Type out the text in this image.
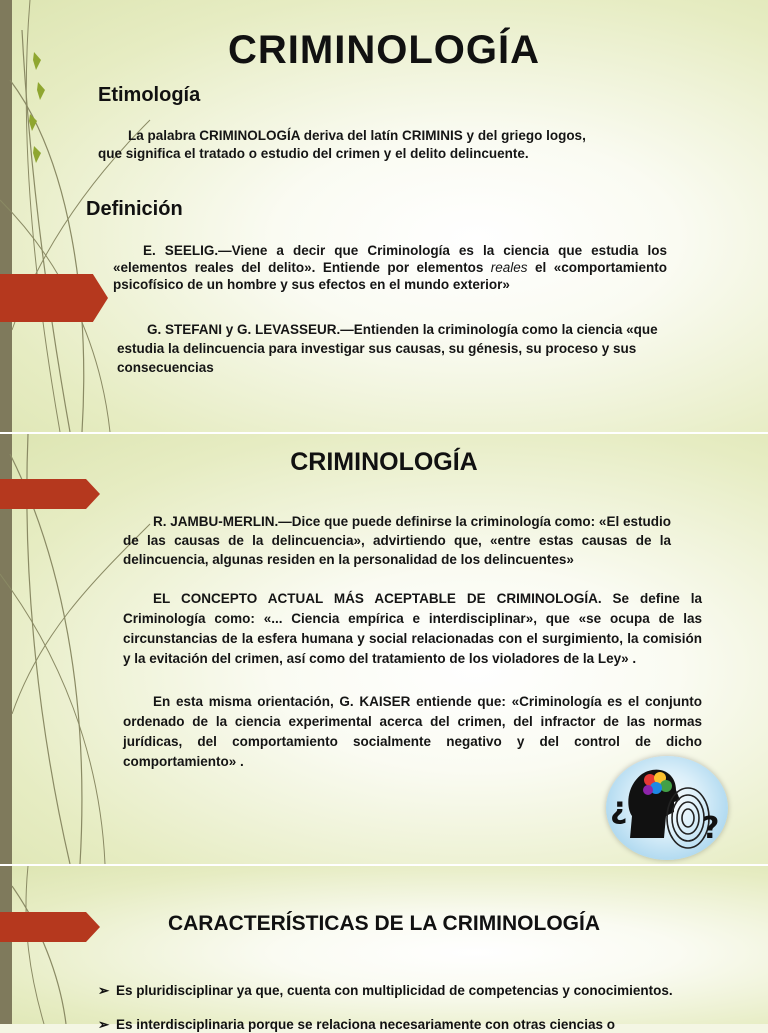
CRIMINOLOGÍA
Etimología
La palabra CRIMINOLOGÍA deriva del latín CRIMINIS y del griego logos,
que significa el tratado o estudio del crimen y el delito delincuente.
Definición
E. SEELIG.—Viene a decir que Criminología es la ciencia que estudia los «elementos reales del delito». Entiende por elementos reales el «comportamiento psicofísico de un hombre y sus efectos en el mundo exterior»
G. STEFANI y G. LEVASSEUR.—Entienden la criminología como la ciencia «que estudia la delincuencia para investigar sus causas, su génesis, su proceso y sus consecuencias
CRIMINOLOGÍA
R. JAMBU-MERLIN.—Dice que puede definirse la criminología como: «El estudio de las causas de la delincuencia», advirtiendo que, «entre estas causas de la delincuencia, algunas residen en la personalidad de los delincuentes»
EL CONCEPTO ACTUAL MÁS ACEPTABLE DE CRIMINOLOGÍA. Se define la Criminología como: «... Ciencia empírica e interdisciplinar», que «se ocupa de las circunstancias de la esfera humana y social relacionadas con el surgimiento, la comisión y la evitación del crimen, así como del tratamiento de los violadores de la Ley» .
En esta misma orientación, G. KAISER entiende que: «Criminología es el conjunto ordenado de la ciencia experimental acerca del crimen, del infractor de las normas jurídicas, del comportamiento socialmente negativo y del control de dicho comportamiento» .
¿
?
CARACTERÍSTICAS DE LA CRIMINOLOGÍA
➢ Es pluridisciplinar ya que, cuenta con multiplicidad de competencias y conocimientos.
➢ Es interdisciplinaria porque se relaciona necesariamente con otras ciencias o
